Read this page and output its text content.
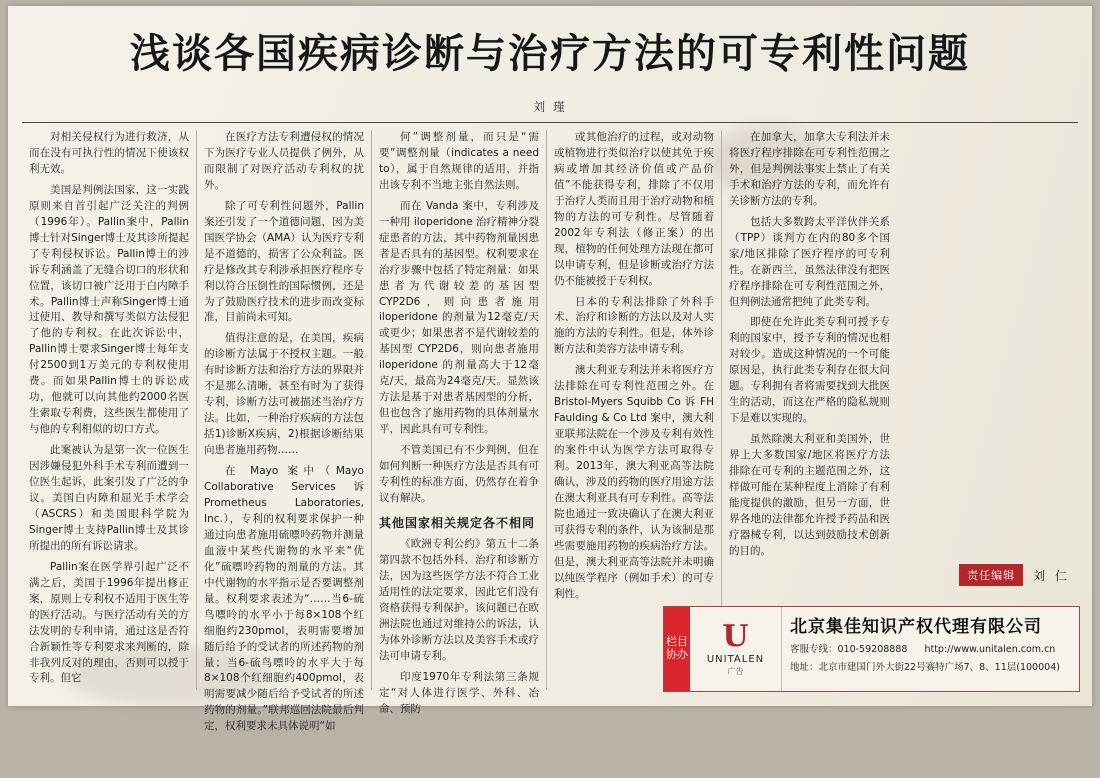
浅谈各国疾病诊断与治疗方法的可专利性问题
刘 瑾

对相关侵权行为进行救济，从而在没有可执行性的情况下使该权利无效。

美国是判例法国家，这一实践原则来自首引起广泛关注的判例（1996年）。Pallin案中，Pallin博士针对Singer博士及其诊所提起了专利侵权诉讼。Pallin博士的涉诉专利涵盖了无缝合切口的形状和位置，该切口被广泛用于白内障手术。Pallin博士声称Singer博士通过使用、教导和撰写类似方法侵犯了他的专利权。在此次诉讼中，Pallin博士要求Singer博士每年支付2500到1万美元的专利权使用费。而如果Pallin博士的诉讼成功，他就可以向其他约2000名医生索取专利费，这些医生都使用了与他的专利相似的切口方式。

此案被认为是第一次一位医生因涉嫌侵犯外科手术专利而遭到一位医生起诉，此案引发了广泛的争议。美国白内障和屈光手术学会（ASCRS）和美国眼科学院为Singer博士支持Pallin博士及其诊所提出的所有诉讼请求。

Pallin案在医学界引起广泛不满之后，美国于1996年提出修正案，原则上专利权不适用于医生等的医疗活动。与医疗活动有关的方法发明的专利申请，通过这是否符合新颖性等专利要求来判断的，除非我列反对的理由，否则可以授于专利。但它

在医疗方法专利遭侵权的情况下为医疗专业人员提供了例外，从而限制了对医疗活动专利权的扰外。

除了可专利性问题外，Pallin案还引发了一个道德问题，因为美国医学协会（AMA）认为医疗专利是不道德的，损害了公众利益。医疗是修改其专利涉承担医疗程序专利以符合压倒性的国际惯例，还是为了鼓励医疗技术的进步而改变标准，目前尚未可知。

值得注意的是，在美国，疾病的诊断方法属于不授权主题。一般有时诊断方法和治疗方法的界限并不是那么清晰，甚至有时为了获得专利，诊断方法可被描述当治疗方法。比如，一种治疗疾病的方法包括1)诊断X疾病，2)根据诊断结果向患者施用药物……

在 Mayo 案中（Mayo Collaborative Services 诉 Prometheus Laboratories, Inc.），专利的权利要求保护一种通过向患者施用硫嘌呤药物并测量血液中某些代谢物的水平来“优化”硫嘌呤药物的剂量的方法。其中代谢物的水平指示是否要调整剂量。权利要求表述为“……当6-硫鸟嘌呤的水平小于每8×108个红细胞约230pmol，表明需要增加随后给予的受试者的所述药物的剂量；当6-硫鸟嘌呤的水平大于每8×108个红细胞约400pmol，表明需要减少随后给予受试者的所述药物的剂量。”联邦巡回法院最后判定，权利要求未具体说明“如

何”调整剂量，而只是“需要”调整剂量（indicates a need to），属于自然规律的适用，并指出该专利不当地主张自然法则。

而在 Vanda 案中，专利涉及一种用 iloperidone 治疗精神分裂症患者的方法，其中药物剂量因患者是否具有的基因型。权利要求在治疗步骤中包括了特定剂量：如果患者为代谢较差的基因型 CYP2D6，则向患者施用 iloperidone 的剂量为12毫克/天或更少；如果患者不是代谢较差的基因型 CYP2D6，则向患者施用 iloperidone 的剂量高大于12毫克/天，最高为24毫克/天。显然该方法是基于对患者基因型的分析，但也包含了施用药物的具体剂量水平，因此具有可专利性。

不管美国已有不少判例，但在如何判断一种医疗方法是否具有可专利性的标准方面，仍然存在着争议有解决。

其他国家相关规定各不相同

《欧洲专利公约》第五十二条第四款不包括外科、治疗和诊断方法，因为这些医学方法不符合工业适用性的法定要求，因此它们没有资格获得专利保护。该问题已在欧洲法院也通过对维持公的诉法，认为体外诊断方法以及美容手术或疗法可申请专利。

印度1970年专利法第三条规定“对人体进行医学、外科、冶命、预防

或其他治疗的过程，或对动物或植物进行类似治疗以使其免于疾病或增加其经济价值或产品价值”不能获得专利，排除了不仅用于治疗人类而且用于治疗动物和植物的方法的可专利性。尽管随着2002年专利法（修正案）的出现，植物的任何处理方法现在都可以申请专利，但是诊断或治疗方法仍不能被授于专利权。

日本的专利法排除了外科手术、治疗和诊断的方法以及对人实施的方法的专利性。但是，体外诊断方法和美容方法申请专利。

澳大利亚专利法并未将医疗方法排除在可专利性范围之外。在 Bristol-Myers Squibb Co 诉 FH Faulding & Co Ltd 案中，澳大利亚联邦法院在一个涉及专利有效性的案件中认为医学方法可取得专利。2013年，澳大利亚高等法院确认，涉及的药物的医疗用途方法在澳大利亚具有可专利性。高等法院也通过一致决确认了在澳大利亚可获得专利的条件，认为该制是那些需要施用药物的疾病治疗方法。但是，澳大利亚高等法院并未明确以纯医学程序（例如手术）的可专利性。

在加拿大，加拿大专利法并未将医疗程序排除在可专利性范围之外，但是判例法事实上禁止了有关手术和治疗方法的专利，而允许有关诊断方法的专利。

包括大多数跨太平洋伙伴关系（TPP）谈判方在内的80多个国家/地区排除了医疗程序的可专利性。在新西兰，虽然法律没有把医疗程序排除在可专利性范围之外，但判例法通常把纯了此类专利。

即使在允许此类专利可授予专利的国家中，授予专利的情况也相对较少。造成这种情况的一个可能原因是，执行此类专利存在很大问题。专利拥有者将需要找到大批医生的活动，而这在严格的隐私规则下是难以实现的。

虽然除澳大利亚和美国外，世界上大多数国家/地区将医疗方法排除在可专利的主题范围之外，这样做可能在某种程度上消除了有利能度提供的激励，但另一方面，世界各地的法律都允许授予药品和医疗器械专利，以达到鼓励技术创新的目的。

责任编辑	刘 仁
栏目协办
U
UNITALEN
广告
北京集佳知识产权代理有限公司
客服专线：010-59208888 http://www.unitalen.com.cn
地址：北京市建国门外大街22号赛特广场7、8、11层(100004)
